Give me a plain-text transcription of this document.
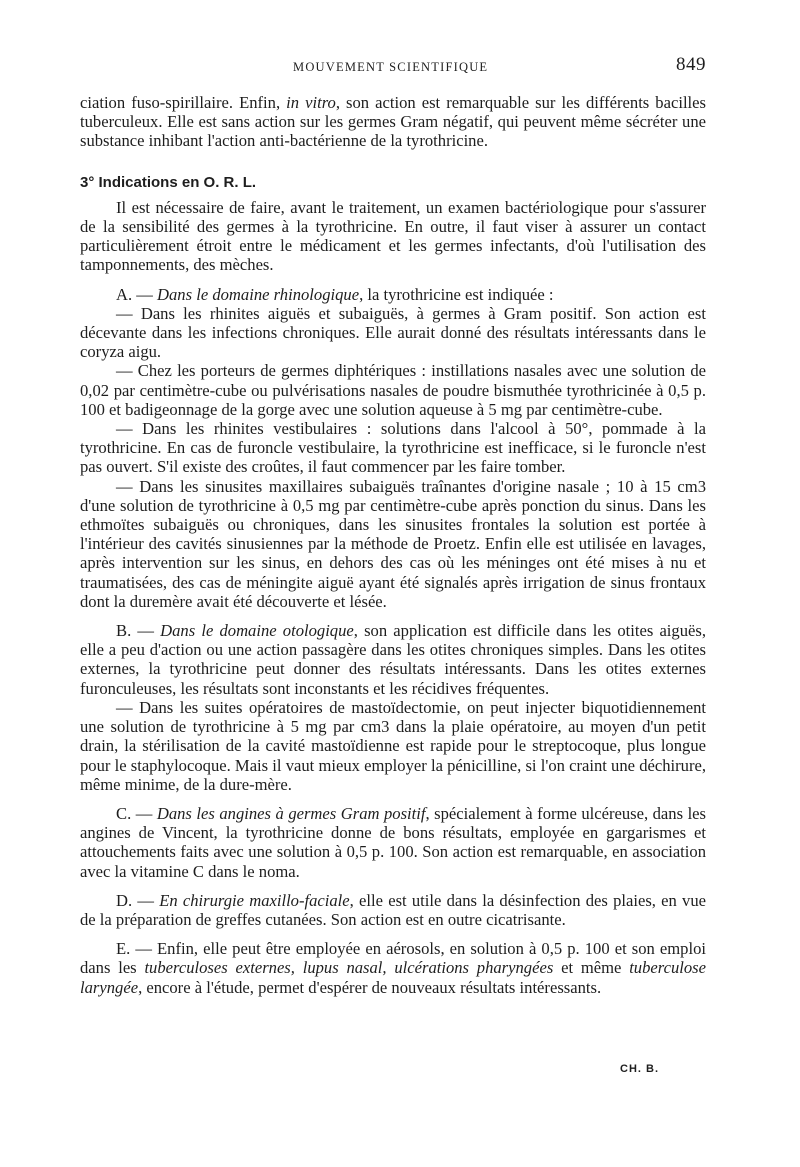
MOUVEMENT SCIENTIFIQUE	849

ciation fuso-spirillaire. Enfin, in vitro, son action est remarquable sur les différents bacilles tuberculeux. Elle est sans action sur les germes Gram négatif, qui peuvent même sécréter une substance inhibant l'action anti-bactérienne de la tyrothricine.

3° Indications en O. R. L.

Il est nécessaire de faire, avant le traitement, un examen bactériologique pour s'assurer de la sensibilité des germes à la tyrothricine. En outre, il faut viser à assurer un contact particulièrement étroit entre le médicament et les germes infectants, d'où l'utilisation des tamponnements, des mèches.

A. — Dans le domaine rhinologique, la tyrothricine est indiquée :

— Dans les rhinites aiguës et subaiguës, à germes à Gram positif. Son action est décevante dans les infections chroniques. Elle aurait donné des résultats intéressants dans le coryza aigu.

— Chez les porteurs de germes diphtériques : instillations nasales avec une solution de 0,02 par centimètre-cube ou pulvérisations nasales de poudre bismuthée tyrothricinée à 0,5 p. 100 et badigeonnage de la gorge avec une solution aqueuse à 5 mg par centimètre-cube.

— Dans les rhinites vestibulaires : solutions dans l'alcool à 50°, pommade à la tyrothricine. En cas de furoncle vestibulaire, la tyrothricine est inefficace, si le furoncle n'est pas ouvert. S'il existe des croûtes, il faut commencer par les faire tomber.

— Dans les sinusites maxillaires subaiguës traînantes d'origine nasale ; 10 à 15 cm3 d'une solution de tyrothricine à 0,5 mg par centimètre-cube après ponction du sinus. Dans les ethmoïtes subaiguës ou chroniques, dans les sinusites frontales la solution est portée à l'intérieur des cavités sinusiennes par la méthode de Proetz. Enfin elle est utilisée en lavages, après intervention sur les sinus, en dehors des cas où les méninges ont été mises à nu et traumatisées, des cas de méningite aiguë ayant été signalés après irrigation de sinus frontaux dont la duremère avait été découverte et lésée.

B. — Dans le domaine otologique, son application est difficile dans les otites aiguës, elle a peu d'action ou une action passagère dans les otites chroniques simples. Dans les otites externes, la tyrothricine peut donner des résultats intéressants. Dans les otites externes furonculeuses, les résultats sont inconstants et les récidives fréquentes.

— Dans les suites opératoires de mastoïdectomie, on peut injecter biquotidiennement une solution de tyrothricine à 5 mg par cm3 dans la plaie opératoire, au moyen d'un petit drain, la stérilisation de la cavité mastoïdienne est rapide pour le streptocoque, plus longue pour le staphylocoque. Mais il vaut mieux employer la pénicilline, si l'on craint une déchirure, même minime, de la dure-mère.

C. — Dans les angines à germes Gram positif, spécialement à forme ulcéreuse, dans les angines de Vincent, la tyrothricine donne de bons résultats, employée en gargarismes et attouchements faits avec une solution à 0,5 p. 100. Son action est remarquable, en association avec la vitamine C dans le noma.

D. — En chirurgie maxillo-faciale, elle est utile dans la désinfection des plaies, en vue de la préparation de greffes cutanées. Son action est en outre cicatrisante.

E. — Enfin, elle peut être employée en aérosols, en solution à 0,5 p. 100 et son emploi dans les tuberculoses externes, lupus nasal, ulcérations pharyngées et même tuberculose laryngée, encore à l'étude, permet d'espérer de nouveaux résultats intéressants.

CH. B.
